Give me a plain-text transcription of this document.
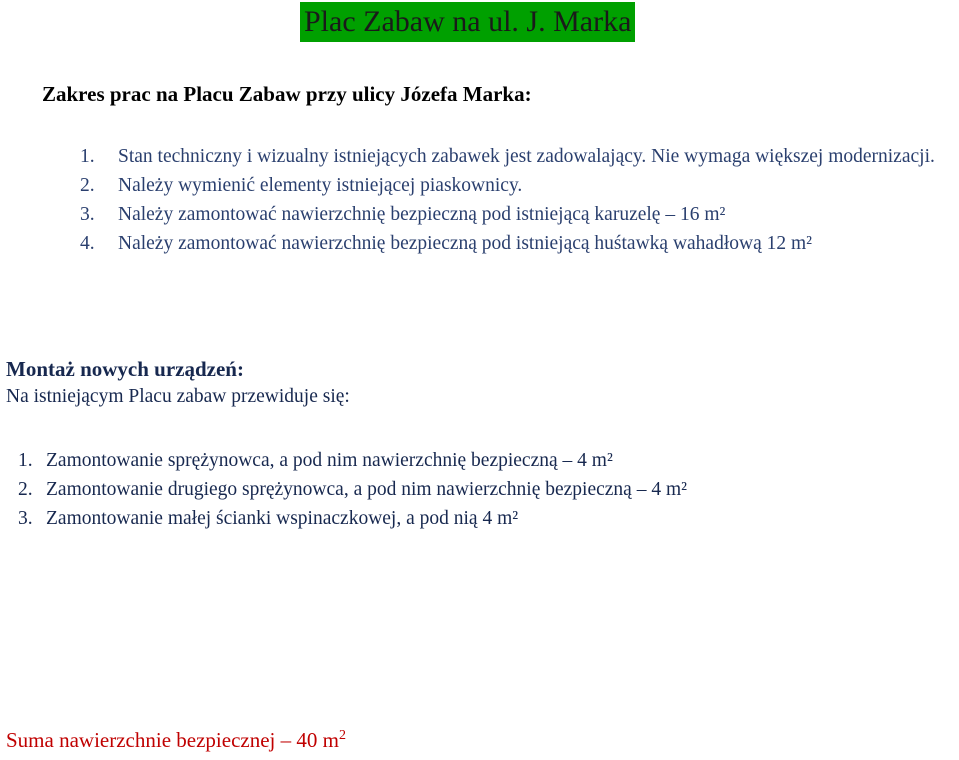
Plac Zabaw na ul. J. Marka
Zakres prac na Placu Zabaw przy ulicy Józefa Marka:
1. Stan techniczny i wizualny istniejących zabawek jest zadowalający. Nie wymaga większej modernizacji.
2. Należy wymienić elementy istniejącej piaskownicy.
3. Należy zamontować nawierzchnię bezpieczną pod istniejącą karuzelę – 16 m²
4. Należy zamontować nawierzchnię bezpieczną pod istniejącą huśtawką wahadłową 12 m²
Montaż nowych urządzeń:
Na istniejącym Placu zabaw przewiduje się:
1. Zamontowanie sprężynowca, a pod nim nawierzchnię bezpieczną – 4 m²
2. Zamontowanie drugiego sprężynowca, a pod nim nawierzchnię bezpieczną – 4 m²
3. Zamontowanie małej ścianki wspinaczkowej, a pod nią 4 m²
Suma nawierzchnie bezpiecznej – 40 $m^2$
